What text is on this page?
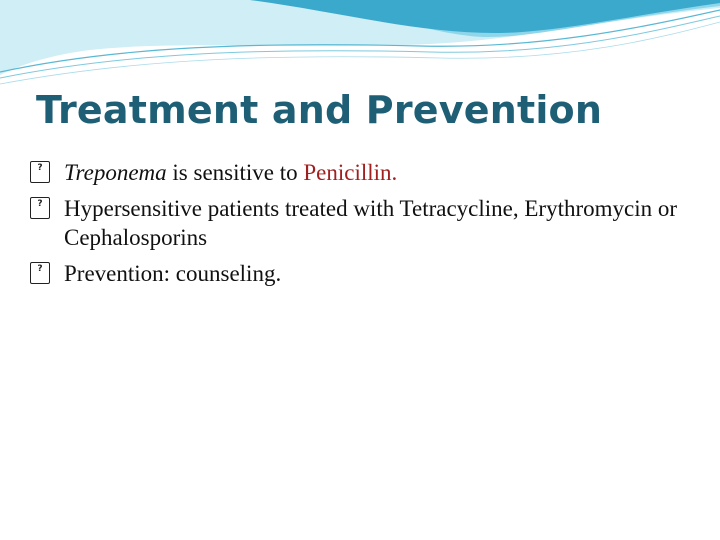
Treatment and Prevention
? Treponema is sensitive to Penicillin.
? Hypersensitive patients treated with Tetracycline, Erythromycin or Cephalosporins
? Prevention: counseling.
